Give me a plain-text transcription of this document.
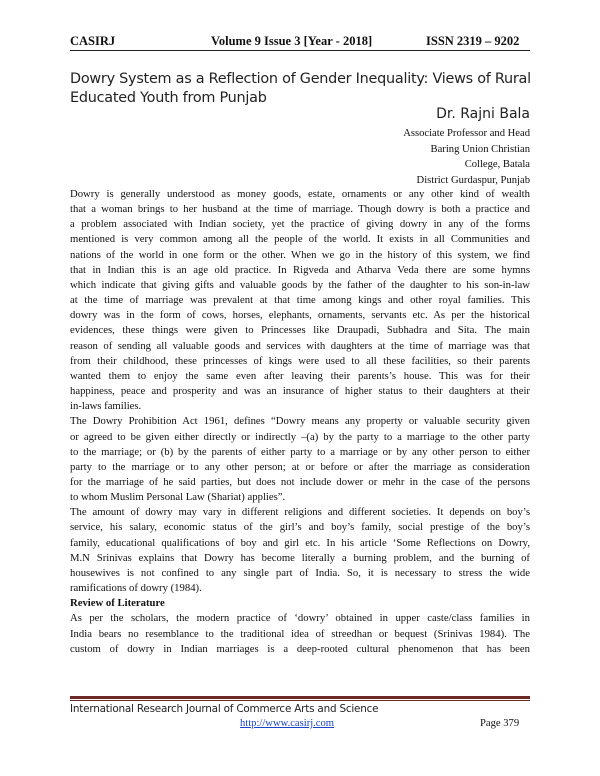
CASIRJ	Volume 9 Issue 3 [Year - 2018]	ISSN 2319 – 9202
Dowry System as a Reflection of Gender Inequality: Views of Rural
Educated Youth from Punjab
Dr. Rajni Bala
Associate Professor and Head
Baring Union Christian
College, Batala
District Gurdaspur, Punjab

Dowry is generally understood as money goods, estate, ornaments or any other kind of wealth
that a woman brings to her husband at the time of marriage. Though dowry is both a practice and
a problem associated with Indian society, yet the practice of giving dowry in any of the forms
mentioned is very common among all the people of the world. It exists in all Communities and
nations of the world in one form or the other. When we go in the history of this system, we find
that in Indian this is an age old practice. In Rigveda and Atharva Veda there are some hymns
which indicate that giving gifts and valuable goods by the father of the daughter to his son-in-law
at the time of marriage was prevalent at that time among kings and other royal families. This
dowry was in the form of cows, horses, elephants, ornaments, servants etc. As per the historical
evidences, these things were given to Princesses like Draupadi, Subhadra and Sita. The main
reason of sending all valuable goods and services with daughters at the time of marriage was that
from their childhood, these princesses of kings were used to all these facilities, so their parents
wanted them to enjoy the same even after leaving their parents’s house. This was for their
happiness, peace and prosperity and was an insurance of higher status to their daughters at their
in-laws families.

The Dowry Prohibition Act 1961, defines “Dowry means any property or valuable security given
or agreed to be given either directly or indirectly –(a) by the party to a marriage to the other party
to the marriage; or (b) by the parents of either party to a marriage or by any other person to either
party to the marriage or to any other person; at or before or after the marriage as consideration
for the marriage of he said parties, but does not include dower or mehr in the case of the persons
to whom Muslim Personal Law (Shariat) applies”.

The amount of dowry may vary in different religions and different societies. It depends on boy’s
service, his salary, economic status of the girl’s and boy’s family, social prestige of the boy’s
family, educational qualifications of boy and girl etc. In his article ‘Some Reflections on Dowry,
M.N Srinivas explains that Dowry has become literally a burning problem, and the burning of
housewives is not confined to any single part of India. So, it is necessary to stress the wide
ramifications of dowry (1984).

Review of Literature

As per the scholars, the modern practice of ‘dowry’ obtained in upper caste/class families in
India bears no resemblance to the traditional idea of streedhan or bequest (Srinivas 1984). The
custom of dowry in Indian marriages is a deep-rooted cultural phenomenon that has been

International Research Journal of Commerce Arts and Science
http://www.casirj.com	Page 379
